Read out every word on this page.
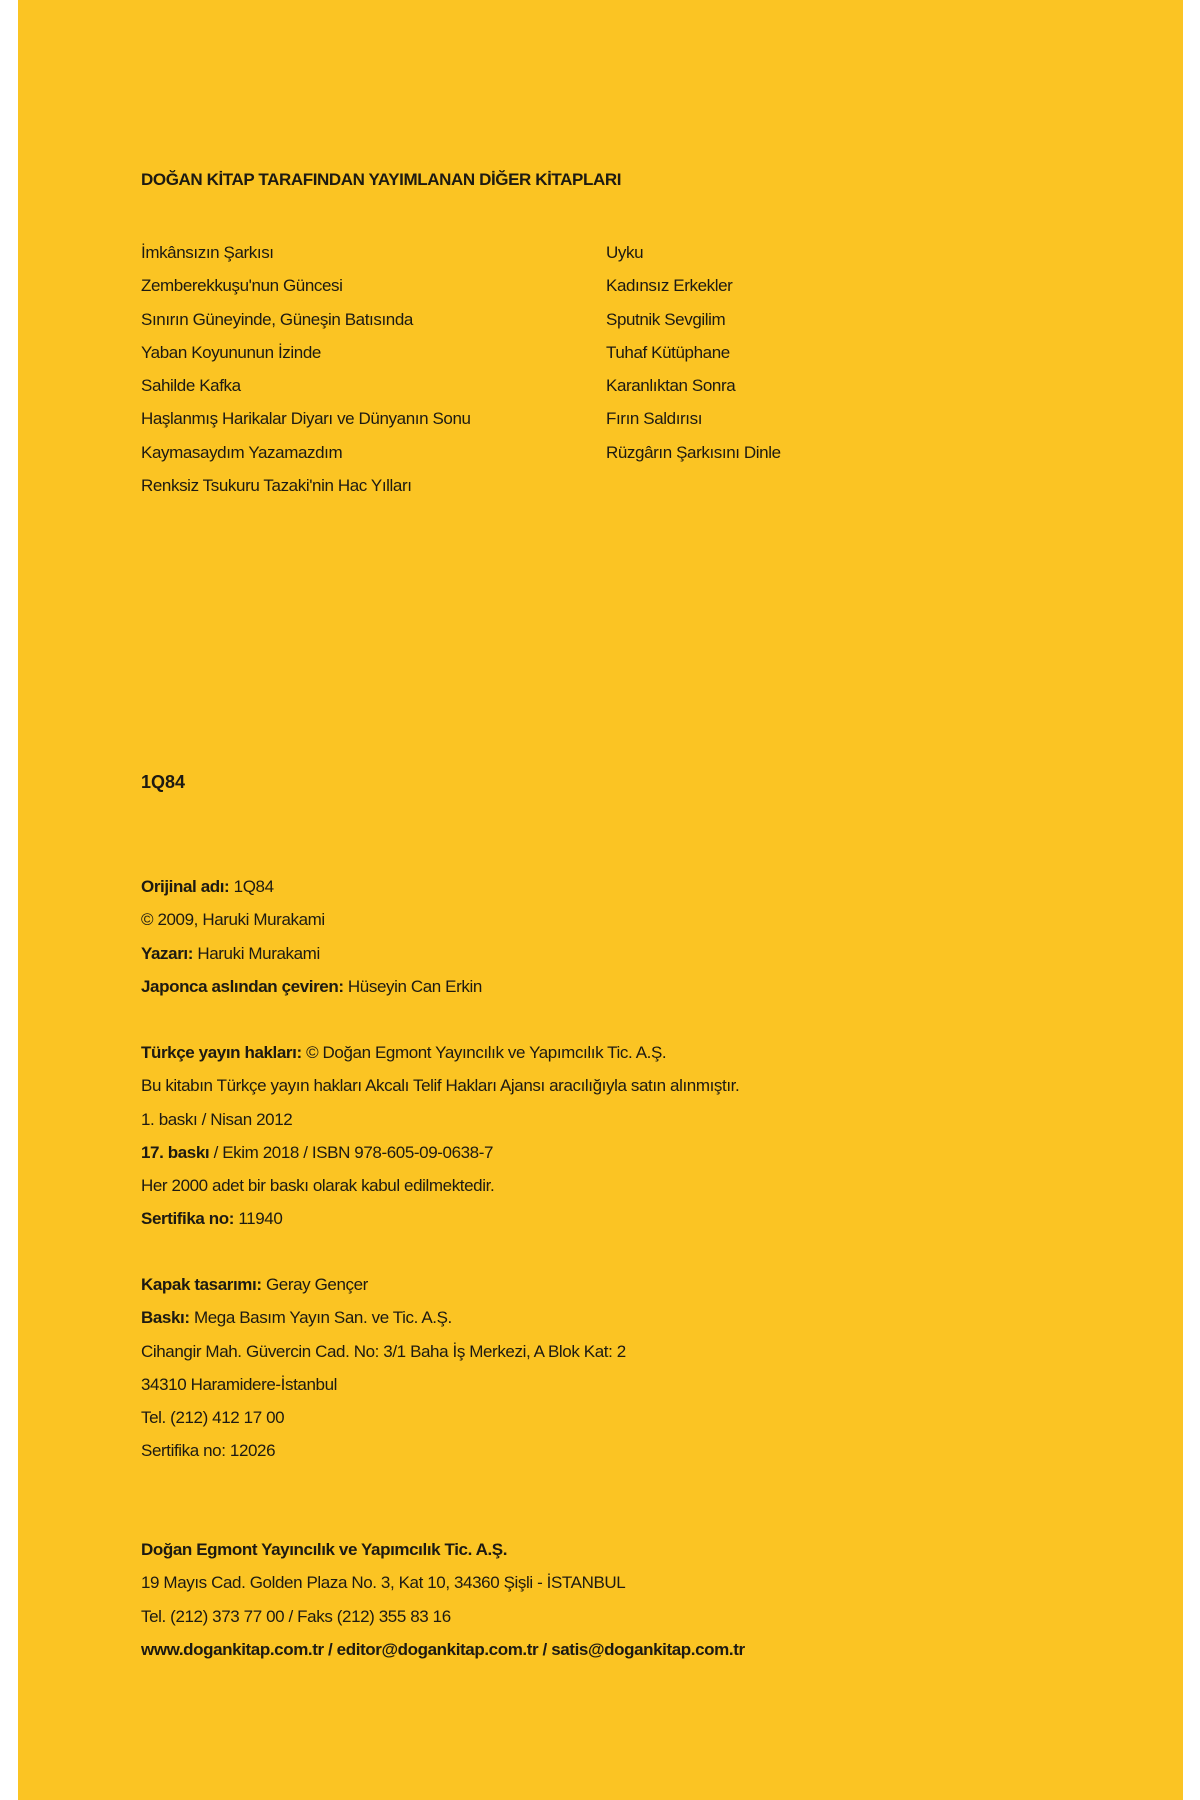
DOĞAN KİTAP TARAFINDAN YAYIMLANAN DİĞER KİTAPLARI
İmkânsızın Şarkısı
Zemberekkuşu'nun Güncesi
Sınırın Güneyinde, Güneşin Batısında
Yaban Koyununun İzinde
Sahilde Kafka
Haşlanmış Harikalar Diyarı ve Dünyanın Sonu
Kaymasaydım Yazamazdım
Renksiz Tsukuru Tazaki'nin Hac Yılları
Uyku
Kadınsız Erkekler
Sputnik Sevgilim
Tuhaf Kütüphane
Karanlıktan Sonra
Fırın Saldırısı
Rüzgârın Şarkısını Dinle
1Q84
Orijinal adı: 1Q84
© 2009, Haruki Murakami
Yazarı: Haruki Murakami
Japonca aslından çeviren: Hüseyin Can Erkin
Türkçe yayın hakları: © Doğan Egmont Yayıncılık ve Yapımcılık Tic. A.Ş.
Bu kitabın Türkçe yayın hakları Akcalı Telif Hakları Ajansı aracılığıyla satın alınmıştır.
1. baskı / Nisan 2012
17. baskı / Ekim 2018 / ISBN 978-605-09-0638-7
Her 2000 adet bir baskı olarak kabul edilmektedir.
Sertifika no: 11940
Kapak tasarımı: Geray Gençer
Baskı: Mega Basım Yayın San. ve Tic. A.Ş.
Cihangir Mah. Güvercin Cad. No: 3/1 Baha İş Merkezi, A Blok Kat: 2
34310 Haramidere-İstanbul
Tel. (212) 412 17 00
Sertifika no: 12026
Doğan Egmont Yayıncılık ve Yapımcılık Tic. A.Ş.
19 Mayıs Cad. Golden Plaza No. 3, Kat 10, 34360 Şişli - İSTANBUL
Tel. (212) 373 77 00 / Faks (212) 355 83 16
www.dogankitap.com.tr / editor@dogankitap.com.tr / satis@dogankitap.com.tr
